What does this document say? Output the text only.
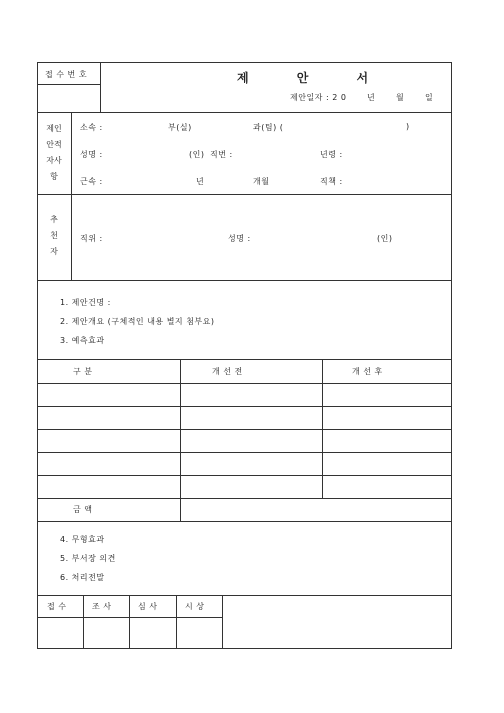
접 수 번 호	제 안 서
제안일자 : 2 0	년	월	일
제인
안적
자사
항
소속 :	부(실)	과(팀) (	)
성명 :	(인) 직번 :	년령 :
근속 :	년	개월	직책 :
추
천
자
직위 :	성명 :	(인)
1. 제안건명 :
2. 제안개요 (구체적인 내용 별지 첨부요)
3. 예측효과
구 분	개 선 전	개 선 후
금 액
4. 무형효과
5. 부서장 의견
6. 처리전말
접 수	조 사	심 사	시 상
